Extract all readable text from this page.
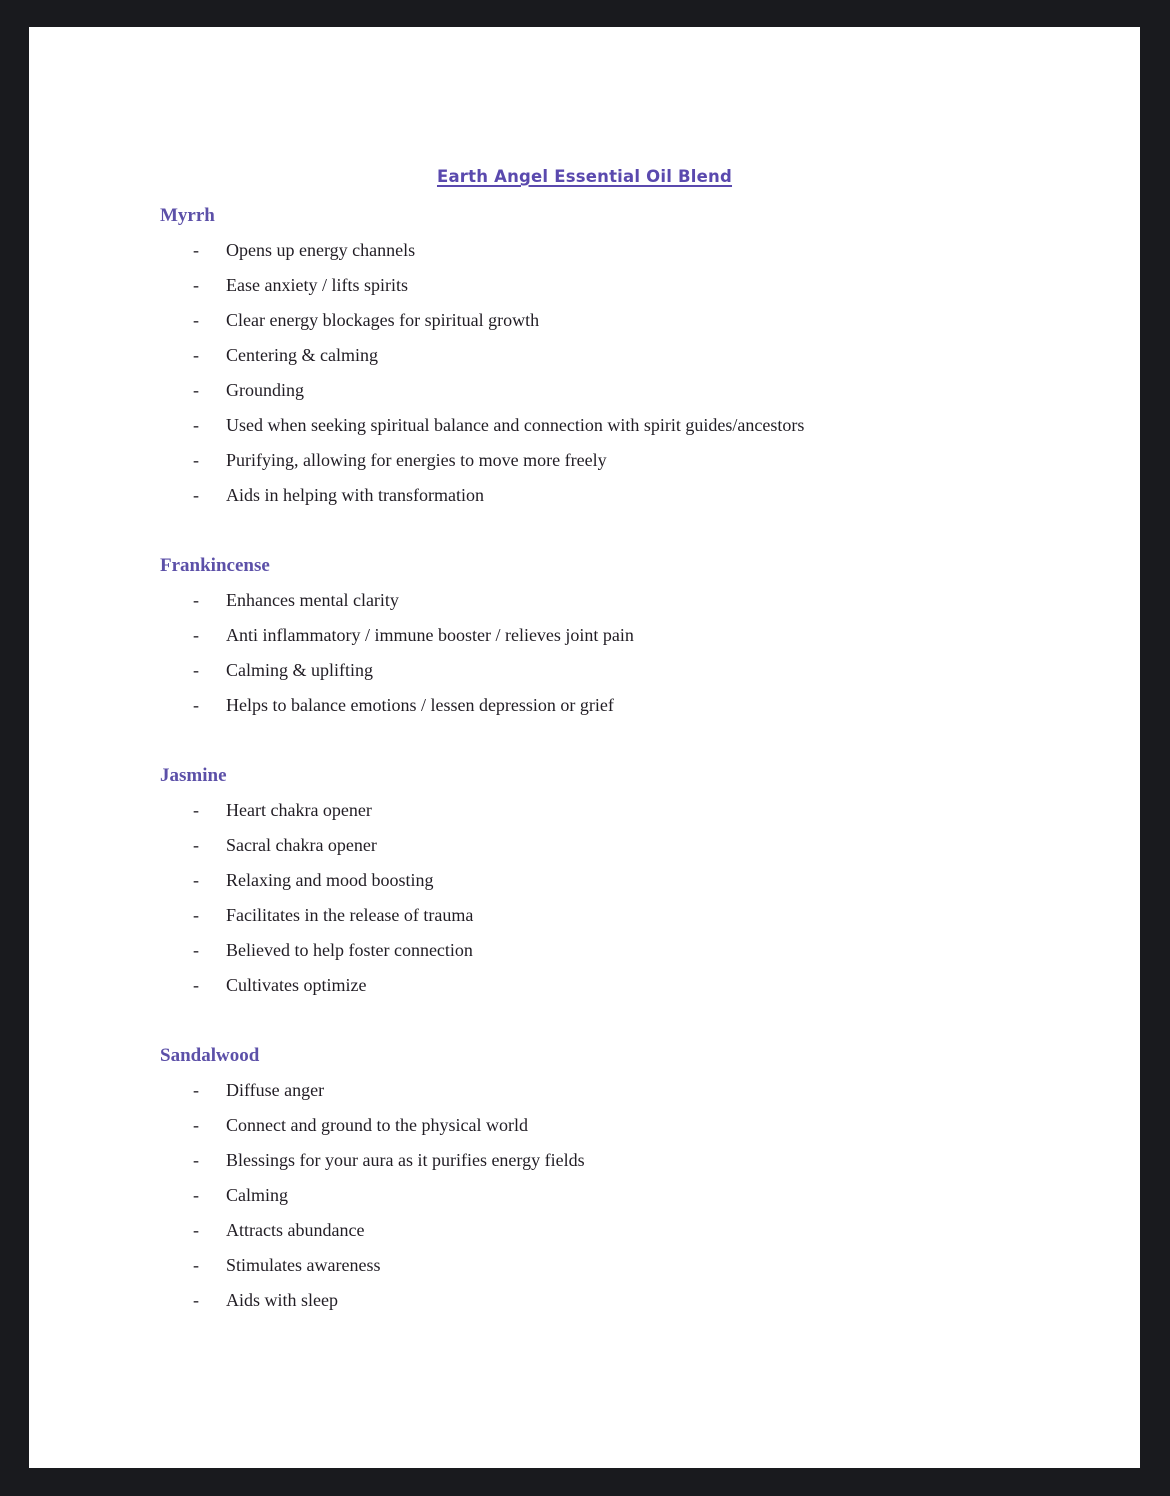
Earth Angel Essential Oil Blend
Myrrh
-	Opens up energy channels
-	Ease anxiety / lifts spirits
-	Clear energy blockages for spiritual growth
-	Centering & calming
-	Grounding
-	Used when seeking spiritual balance and connection with spirit guides/ancestors
-	Purifying, allowing for energies to move more freely
-	Aids in helping with transformation
Frankincense
-	Enhances mental clarity
-	Anti inflammatory / immune booster / relieves joint pain
-	Calming & uplifting
-	Helps to balance emotions / lessen depression or grief
Jasmine
-	Heart chakra opener
-	Sacral chakra opener
-	Relaxing and mood boosting
-	Facilitates in the release of trauma
-	Believed to help foster connection
-	Cultivates optimize
Sandalwood
-	Diffuse anger
-	Connect and ground to the physical world
-	Blessings for your aura as it purifies energy fields
-	Calming
-	Attracts abundance
-	Stimulates awareness
-	Aids with sleep
